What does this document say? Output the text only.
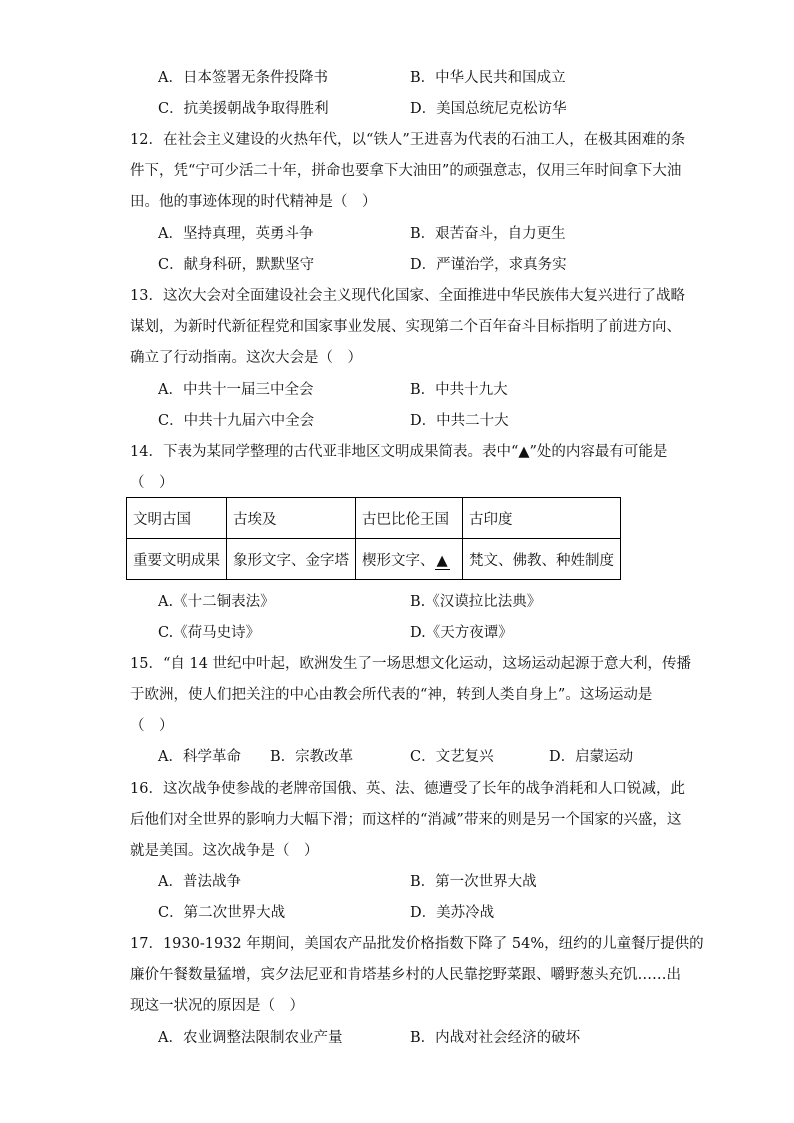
A．日本签署无条件投降书	B．中华人民共和国成立
C．抗美援朝战争取得胜利	D．美国总统尼克松访华
12．在社会主义建设的火热年代，以“铁人”王进喜为代表的石油工人，在极其困难的条
件下，凭“宁可少活二十年，拼命也要拿下大油田”的顽强意志，仅用三年时间拿下大油
田。他的事迹体现的时代精神是（　）
A．坚持真理，英勇斗争	B．艰苦奋斗，自力更生
C．献身科研，默默坚守	D．严谨治学，求真务实
13．这次大会对全面建设社会主义现代化国家、全面推进中华民族伟大复兴进行了战略
谋划，为新时代新征程党和国家事业发展、实现第二个百年奋斗目标指明了前进方向、
确立了行动指南。这次大会是（　）
A．中共十一届三中全会	B．中共十九大
C．中共十九届六中全会	D．中共二十大
14．下表为某同学整理的古代亚非地区文明成果简表。表中“▲”处的内容最有可能是
（　）
文明古国	古埃及	古巴比伦王国	古印度
重要文明成果	象形文字、金字塔	楔形文字、 ▲	梵文、佛教、种姓制度
A.《十二铜表法》	B.《汉谟拉比法典》
C.《荷马史诗》	D.《天方夜谭》
15．“自 14 世纪中叶起，欧洲发生了一场思想文化运动，这场运动起源于意大利，传播
于欧洲，使人们把关注的中心由教会所代表的“神，转到人类自身上”。这场运动是
（　）
A．科学革命 B．宗教改革	C．文艺复兴	D．启蒙运动
16．这次战争使参战的老牌帝国俄、英、法、德遭受了长年的战争消耗和人口锐减，此
后他们对全世界的影响力大幅下滑；而这样的“消减”带来的则是另一个国家的兴盛，这
就是美国。这次战争是（　）
A．普法战争	B．第一次世界大战
C．第二次世界大战	D．美苏冷战
17．1930-1932 年期间，美国农产品批发价格指数下降了 54%，纽约的儿童餐厅提供的
廉价午餐数量猛增，宾夕法尼亚和肯塔基乡村的人民靠挖野菜跟、嚼野葱头充饥……出
现这一状况的原因是（　）
A．农业调整法限制农业产量	B．内战对社会经济的破坏
